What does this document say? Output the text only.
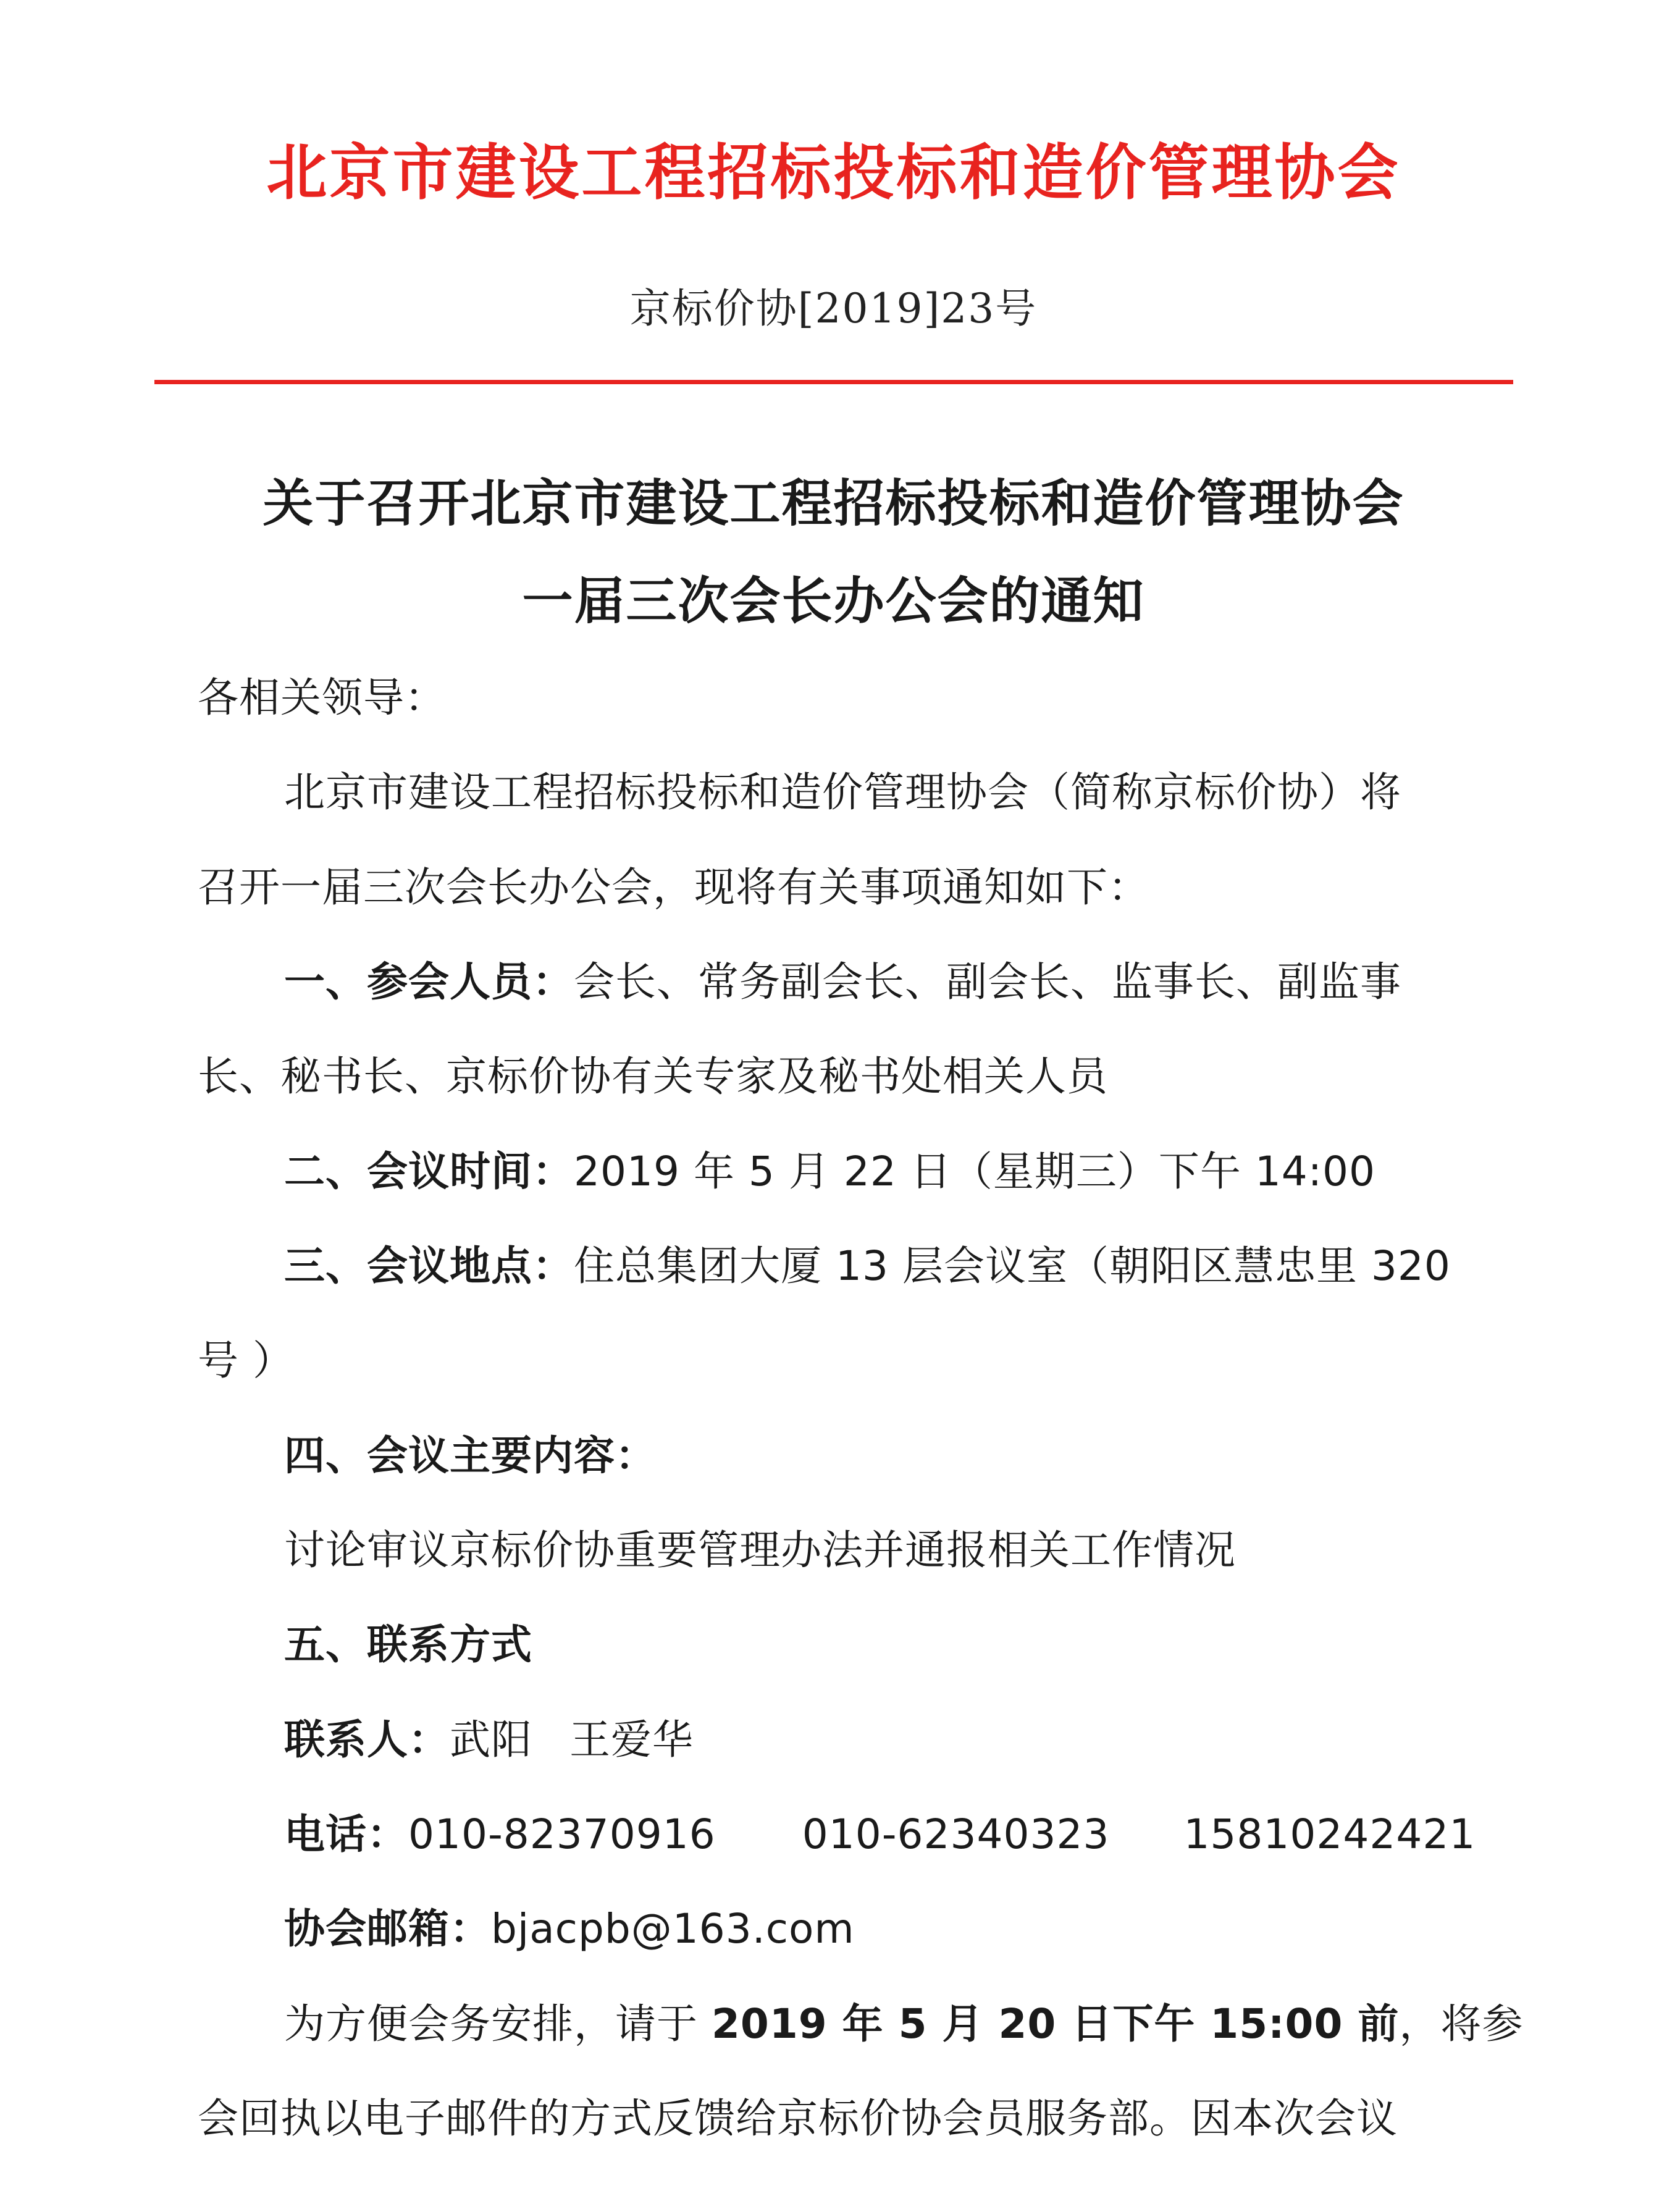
北京市建设工程招标投标和造价管理协会
京标价协[2019]23号
关于召开北京市建设工程招标投标和造价管理协会
一届三次会长办公会的通知
各相关领导：
北京市建设工程招标投标和造价管理协会（简称京标价协）将
召开一届三次会长办公会，现将有关事项通知如下：
一、参会人员：会长、常务副会长、副会长、监事长、副监事
长、秘书长、京标价协有关专家及秘书处相关人员
二、会议时间：2019 年 5 月 22 日（星期三）下午 14:00
三、会议地点：住总集团大厦 13 层会议室（朝阳区慧忠里 320
号 ）
四、会议主要内容：
讨论审议京标价协重要管理办法并通报相关工作情况
五、联系方式
联系人：武阳 王爱华
电话：010-82370916 010-62340323 15810242421
协会邮箱：bjacpb@163.com
为方便会务安排，请于 2019 年 5 月 20 日下午 15:00 前，将参
会回执以电子邮件的方式反馈给京标价协会员服务部。因本次会议
